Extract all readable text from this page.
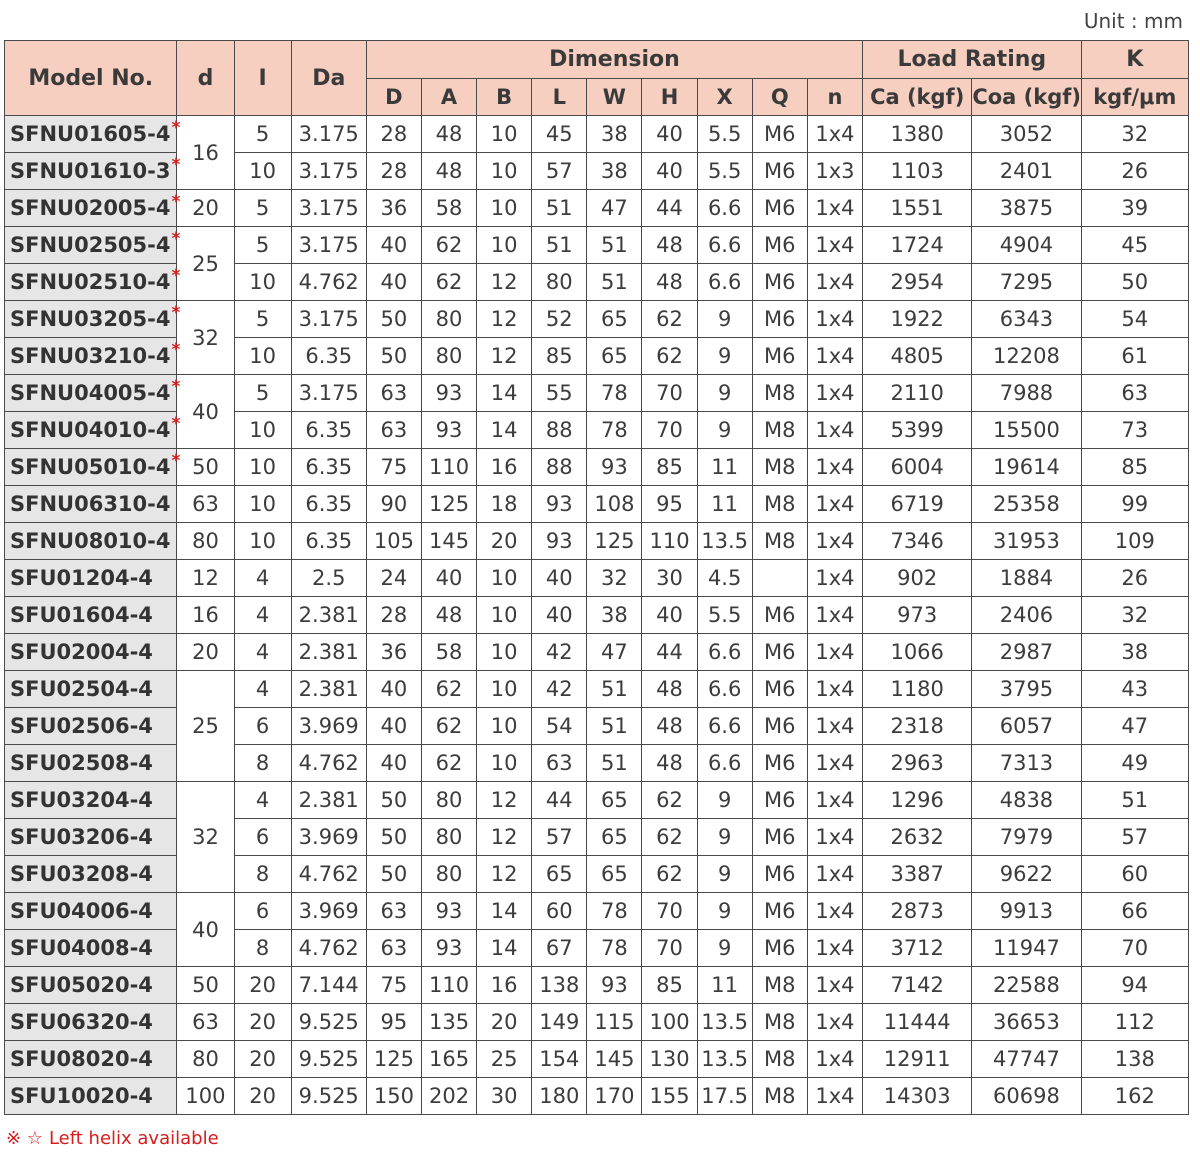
Unit : mm
Model No.	d	I	Da	Dimension									Load Rating		K
				D	A	B	L	W	H	X	Q	n	Ca (kgf)	Coa (kgf)	kgf/μm
SFNU01605-4*	16	5	3.175	28	48	10	45	38	40	5.5	M6	1x4	1380	3052	32
SFNU01610-3*		10	3.175	28	48	10	57	38	40	5.5	M6	1x3	1103	2401	26
SFNU02005-4*	20	5	3.175	36	58	10	51	47	44	6.6	M6	1x4	1551	3875	39
SFNU02505-4*	25	5	3.175	40	62	10	51	51	48	6.6	M6	1x4	1724	4904	45
SFNU02510-4*		10	4.762	40	62	12	80	51	48	6.6	M6	1x4	2954	7295	50
SFNU03205-4*	32	5	3.175	50	80	12	52	65	62	9	M6	1x4	1922	6343	54
SFNU03210-4*		10	6.35	50	80	12	85	65	62	9	M6	1x4	4805	12208	61
SFNU04005-4*	40	5	3.175	63	93	14	55	78	70	9	M8	1x4	2110	7988	63
SFNU04010-4*		10	6.35	63	93	14	88	78	70	9	M8	1x4	5399	15500	73
SFNU05010-4*	50	10	6.35	75	110	16	88	93	85	11	M8	1x4	6004	19614	85
SFNU06310-4	63	10	6.35	90	125	18	93	108	95	11	M8	1x4	6719	25358	99
SFNU08010-4	80	10	6.35	105	145	20	93	125	110	13.5	M8	1x4	7346	31953	109
SFU01204-4	12	4	2.5	24	40	10	40	32	30	4.5		1x4	902	1884	26
SFU01604-4	16	4	2.381	28	48	10	40	38	40	5.5	M6	1x4	973	2406	32
SFU02004-4	20	4	2.381	36	58	10	42	47	44	6.6	M6	1x4	1066	2987	38
SFU02504-4	25	4	2.381	40	62	10	42	51	48	6.6	M6	1x4	1180	3795	43
SFU02506-4		6	3.969	40	62	10	54	51	48	6.6	M6	1x4	2318	6057	47
SFU02508-4		8	4.762	40	62	10	63	51	48	6.6	M6	1x4	2963	7313	49
SFU03204-4	32	4	2.381	50	80	12	44	65	62	9	M6	1x4	1296	4838	51
SFU03206-4		6	3.969	50	80	12	57	65	62	9	M6	1x4	2632	7979	57
SFU03208-4		8	4.762	50	80	12	65	65	62	9	M6	1x4	3387	9622	60
SFU04006-4	40	6	3.969	63	93	14	60	78	70	9	M6	1x4	2873	9913	66
SFU04008-4		8	4.762	63	93	14	67	78	70	9	M6	1x4	3712	11947	70
SFU05020-4	50	20	7.144	75	110	16	138	93	85	11	M8	1x4	7142	22588	94
SFU06320-4	63	20	9.525	95	135	20	149	115	100	13.5	M8	1x4	11444	36653	112
SFU08020-4	80	20	9.525	125	165	25	154	145	130	13.5	M8	1x4	12911	47747	138
SFU10020-4	100	20	9.525	150	202	30	180	170	155	17.5	M8	1x4	14303	60698	162
※ ☆ Left helix available
